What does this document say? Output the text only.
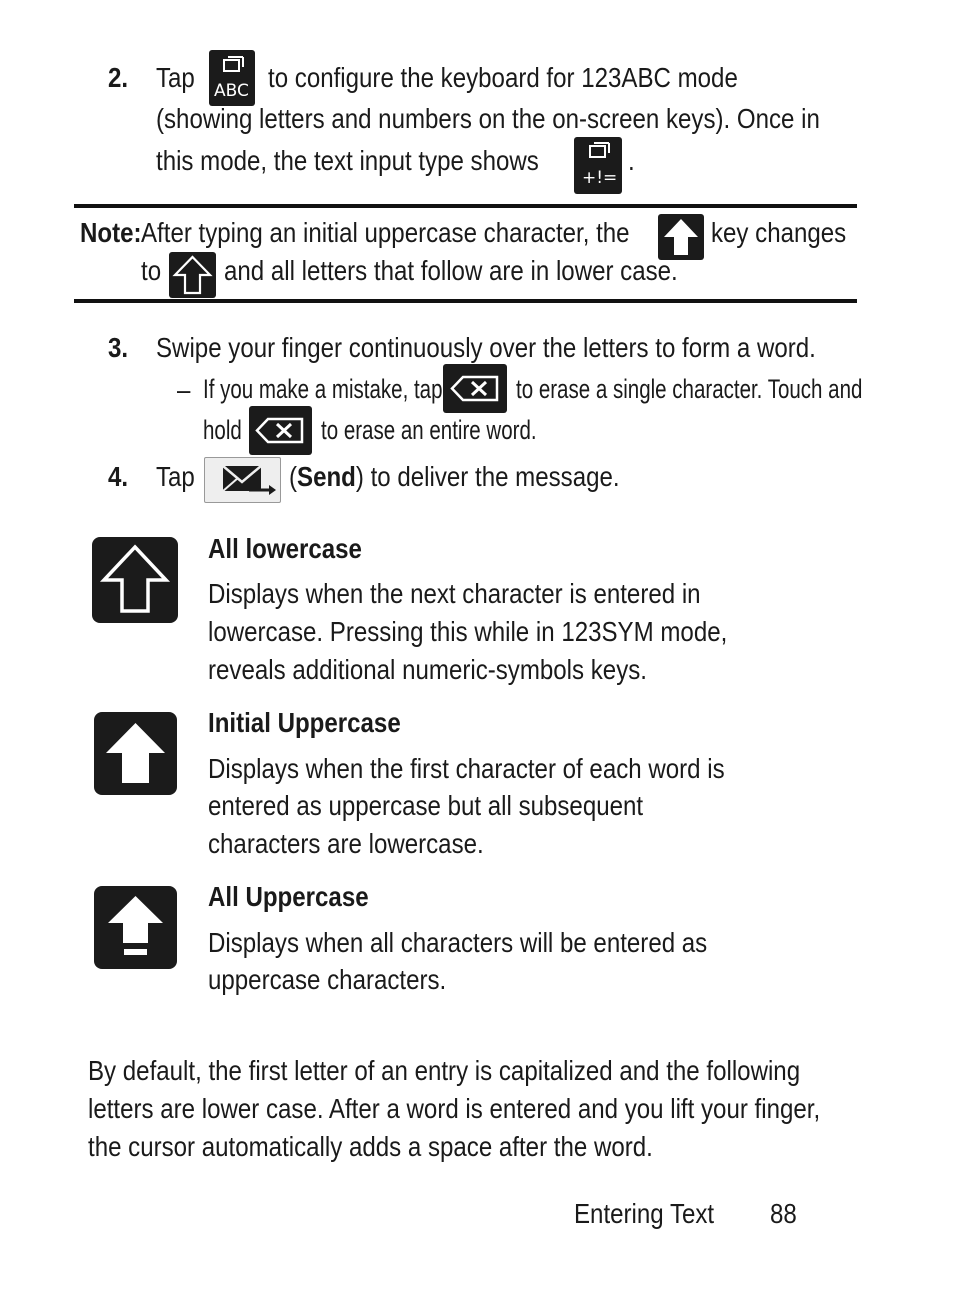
2. Tap ABC to configure the keyboard for 123ABC mode
(showing letters and numbers on the on-screen keys). Once in
this mode, the text input type shows
+!=
.
Note: After typing an initial uppercase character, the	key changes
to and all letters that follow are in lower case.
3. Swipe your finger continuously over the letters to form a word.
– If you make a mistake, tap	to erase a single character. Touch and
hold	to erase an entire word.
4. Tap	(Send) to deliver the message.
All lowercase
Displays when the next character is entered in
lowercase. Pressing this while in 123SYM mode,
reveals additional numeric-symbols keys.
Initial Uppercase
Displays when the first character of each word is
entered as uppercase but all subsequent
characters are lowercase.
All Uppercase
Displays when all characters will be entered as
uppercase characters.
By default, the first letter of an entry is capitalized and the following
letters are lower case. After a word is entered and you lift your finger,
the cursor automatically adds a space after the word.
Entering Text 88
